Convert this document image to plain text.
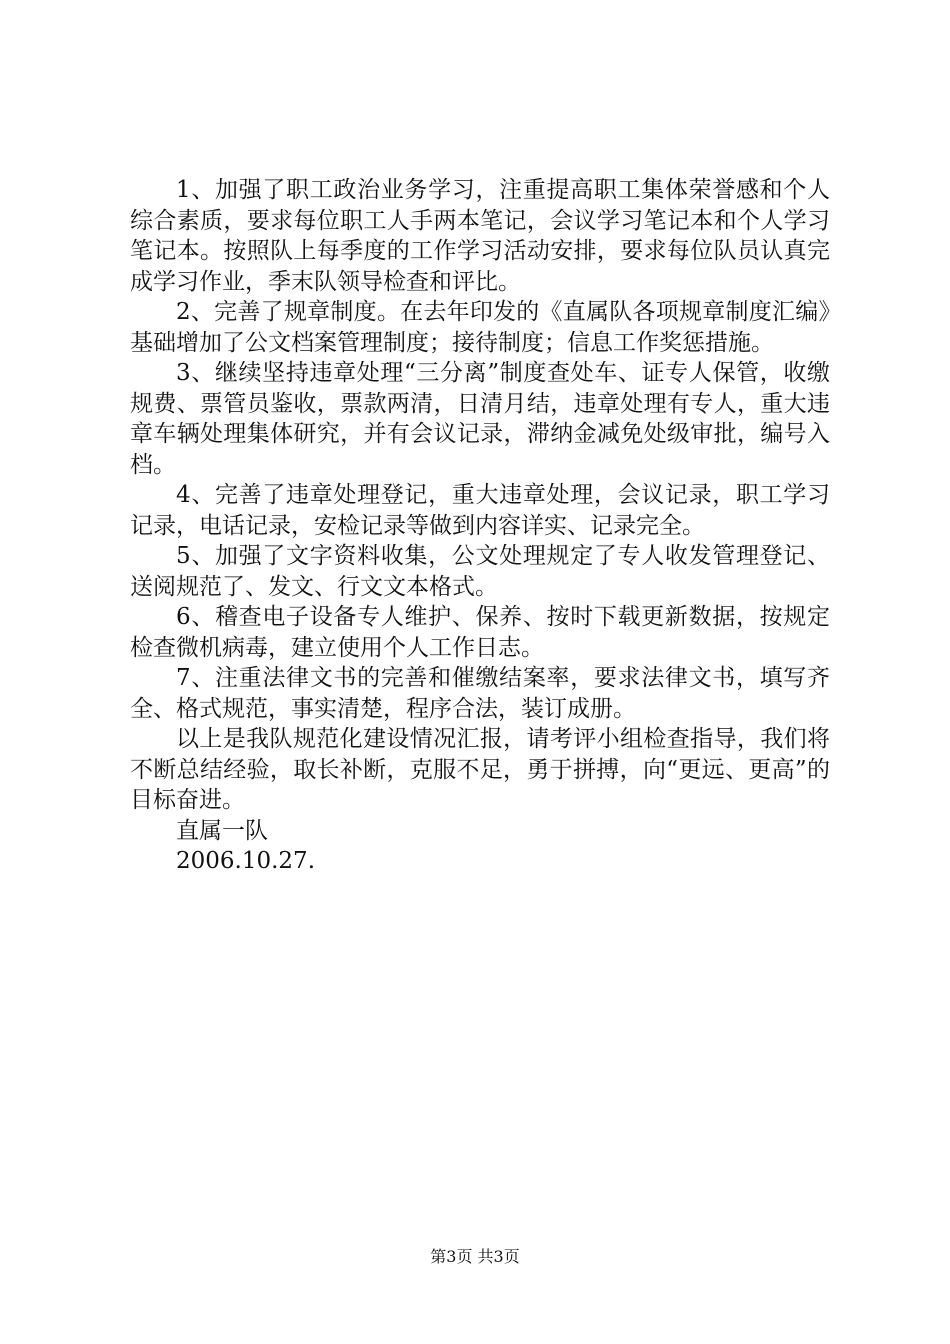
1、加强了职工政治业务学习，注重提高职工集体荣誉感和个人综合素质，要求每位职工人手两本笔记，会议学习笔记本和个人学习笔记本。按照队上每季度的工作学习活动安排，要求每位队员认真完成学习作业，季末队领导检查和评比。

2、完善了规章制度。在去年印发的《直属队各项规章制度汇编》基础增加了公文档案管理制度；接待制度；信息工作奖惩措施。

3、继续坚持违章处理“三分离”制度查处车、证专人保管，收缴规费、票管员鉴收，票款两清，日清月结，违章处理有专人，重大违章车辆处理集体研究，并有会议记录，滞纳金减免处级审批，编号入档。

4、完善了违章处理登记，重大违章处理，会议记录，职工学习记录，电话记录，安检记录等做到内容详实、记录完全。

5、加强了文字资料收集，公文处理规定了专人收发管理登记、送阅规范了、发文、行文文本格式。

6、稽查电子设备专人维护、保养、按时下载更新数据，按规定检查微机病毒，建立使用个人工作日志。

7、注重法律文书的完善和催缴结案率，要求法律文书，填写齐全、格式规范，事实清楚，程序合法，装订成册。

以上是我队规范化建设情况汇报，请考评小组检查指导，我们将不断总结经验，取长补断，克服不足，勇于拼搏，向“更远、更高”的目标奋进。

直属一队

2006.10.27.

第3页 共3页
